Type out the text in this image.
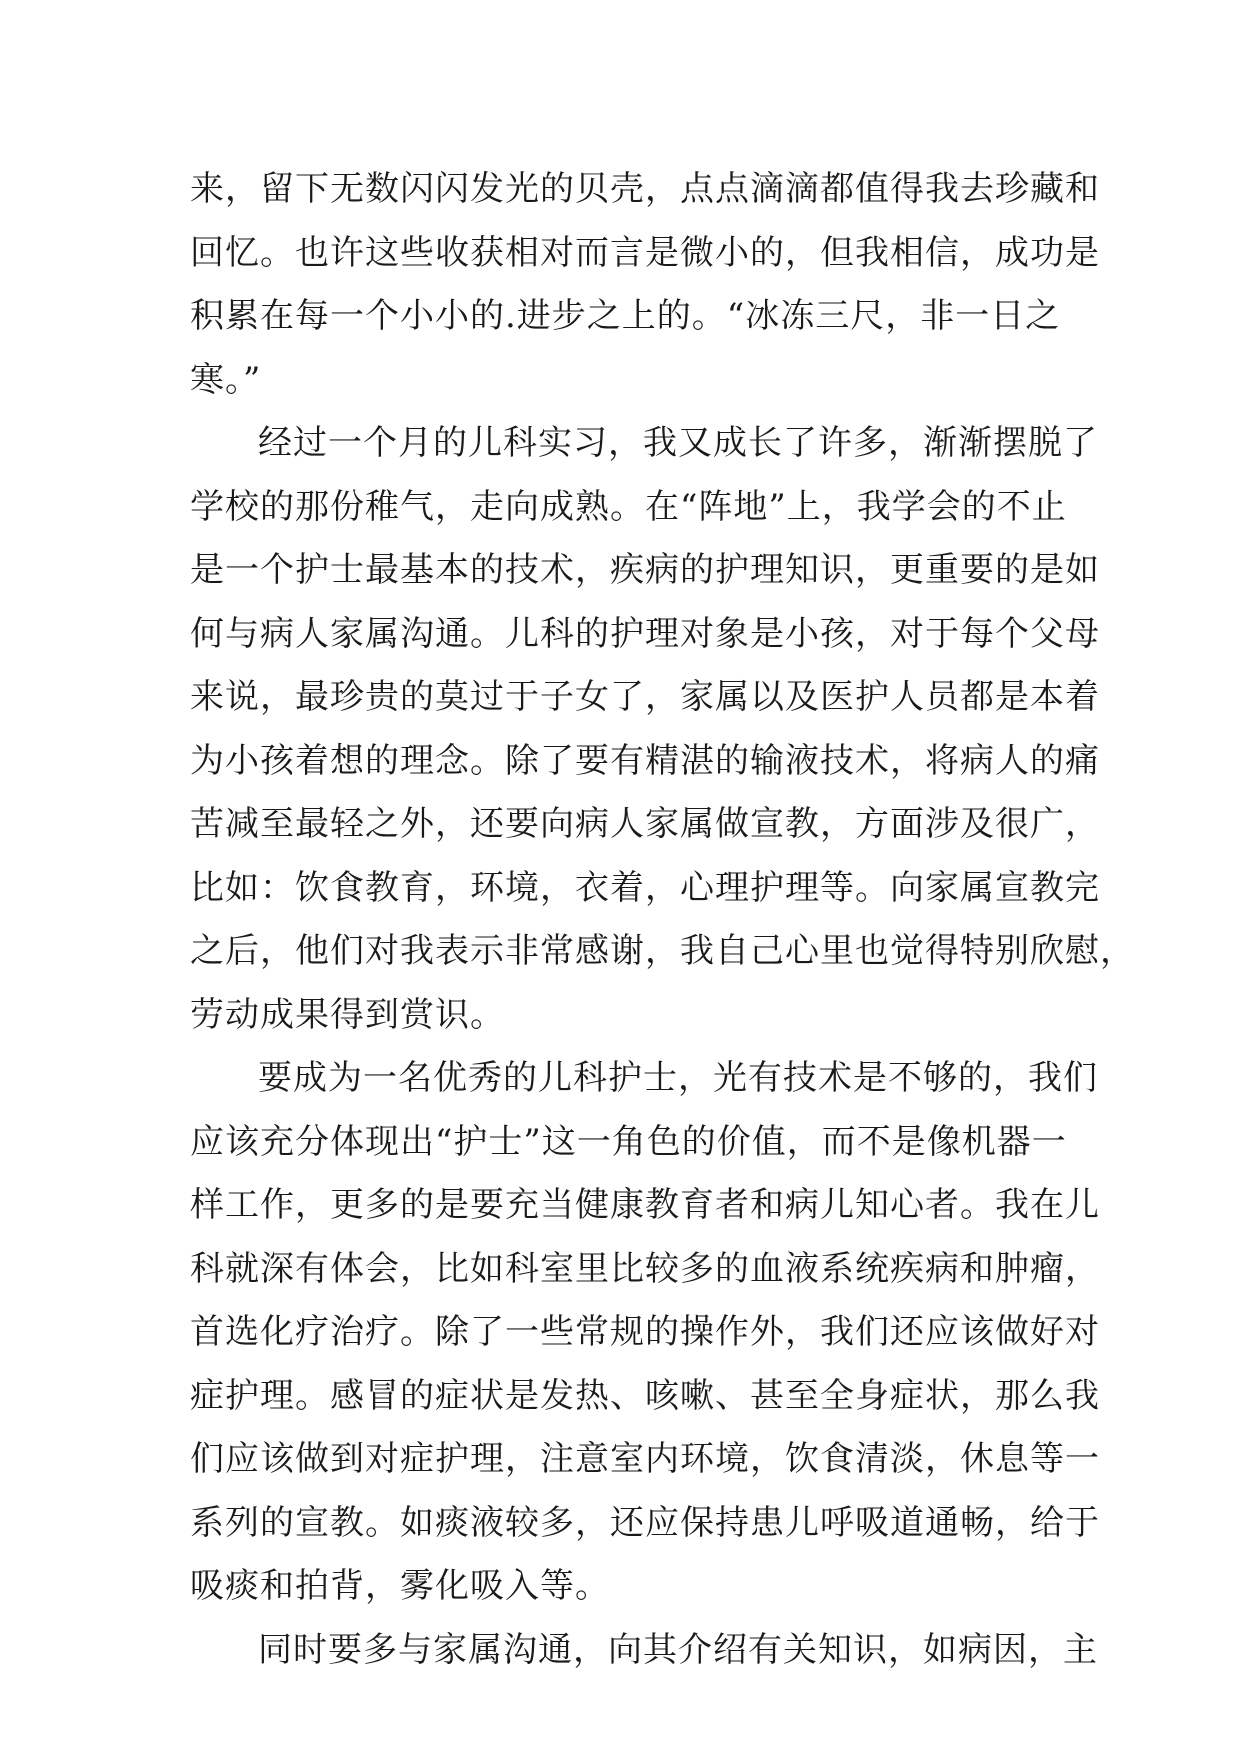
来，留下无数闪闪发光的贝壳，点点滴滴都值得我去珍藏和
回忆。也许这些收获相对而言是微小的，但我相信，成功是
积累在每一个小小的.进步之上的。“冰冻三尺，非一日之
寒。”
经过一个月的儿科实习，我又成长了许多，渐渐摆脱了
学校的那份稚气，走向成熟。在“阵地”上，我学会的不止
是一个护士最基本的技术，疾病的护理知识，更重要的是如
何与病人家属沟通。儿科的护理对象是小孩，对于每个父母
来说，最珍贵的莫过于子女了，家属以及医护人员都是本着
为小孩着想的理念。除了要有精湛的输液技术，将病人的痛
苦减至最轻之外，还要向病人家属做宣教，方面涉及很广，
比如：饮食教育，环境，衣着，心理护理等。向家属宣教完
之后，他们对我表示非常感谢，我自己心里也觉得特别欣慰，
劳动成果得到赏识。
要成为一名优秀的儿科护士，光有技术是不够的，我们
应该充分体现出“护士”这一角色的价值，而不是像机器一
样工作，更多的是要充当健康教育者和病儿知心者。我在儿
科就深有体会，比如科室里比较多的血液系统疾病和肿瘤，
首选化疗治疗。除了一些常规的操作外，我们还应该做好对
症护理。感冒的症状是发热、咳嗽、甚至全身症状，那么我
们应该做到对症护理，注意室内环境，饮食清淡，休息等一
系列的宣教。如痰液较多，还应保持患儿呼吸道通畅，给于
吸痰和拍背，雾化吸入等。
同时要多与家属沟通，向其介绍有关知识，如病因，主
